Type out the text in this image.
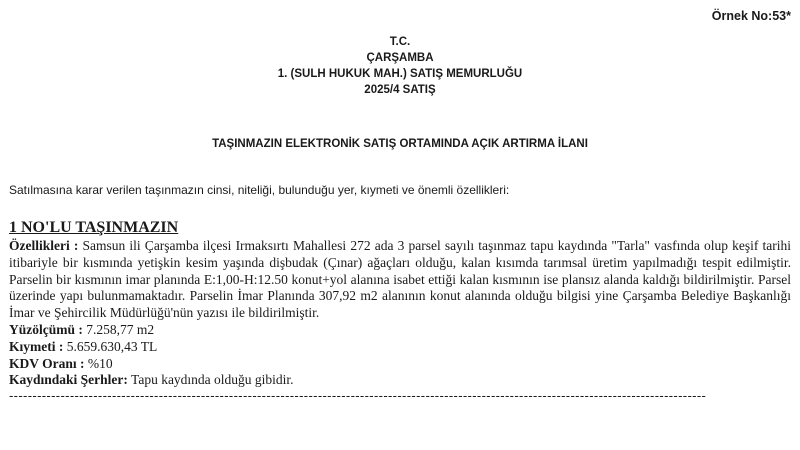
Örnek No:53*
T.C.
ÇARŞAMBA
1. (SULH HUKUK MAH.) SATIŞ MEMURLUĞU
2025/4 SATIŞ
TAŞINMAZIN ELEKTRONİK SATIŞ ORTAMINDA AÇIK ARTIRMA İLANI
Satılmasına karar verilen taşınmazın cinsi, niteliği, bulunduğu yer, kıymeti ve önemli özellikleri:
1 NO'LU TAŞINMAZIN

Özellikleri : Samsun ili Çarşamba ilçesi Irmaksırtı Mahallesi 272 ada 3 parsel sayılı taşınmaz tapu kaydında "Tarla" vasfında olup keşif tarihi itibariyle bir kısmında yetişkin kesim yaşında dişbudak (Çınar) ağaçları olduğu, kalan kısımda tarımsal üretim yapılmadığı tespit edilmiştir. Parselin bir kısmının imar planında E:1,00-H:12.50 konut+yol alanına isabet ettiği kalan kısmının ise plansız alanda kaldığı bildirilmiştir. Parsel üzerinde yapı bulunmamaktadır. Parselin İmar Planında 307,92 m2 alanının konut alanında olduğu bilgisi yine Çarşamba Belediye Başkanlığı İmar ve Şehircilik Müdürlüğü'nün yazısı ile bildirilmiştir.

Yüzölçümü : 7.258,77 m2

Kıymeti : 5.659.630,43 TL

KDV Oranı : %10

Kaydındaki Şerhler: Tapu kaydında olduğu gibidir.

-----------------------------------------------------------------------------------------------------------------------------------------------------
